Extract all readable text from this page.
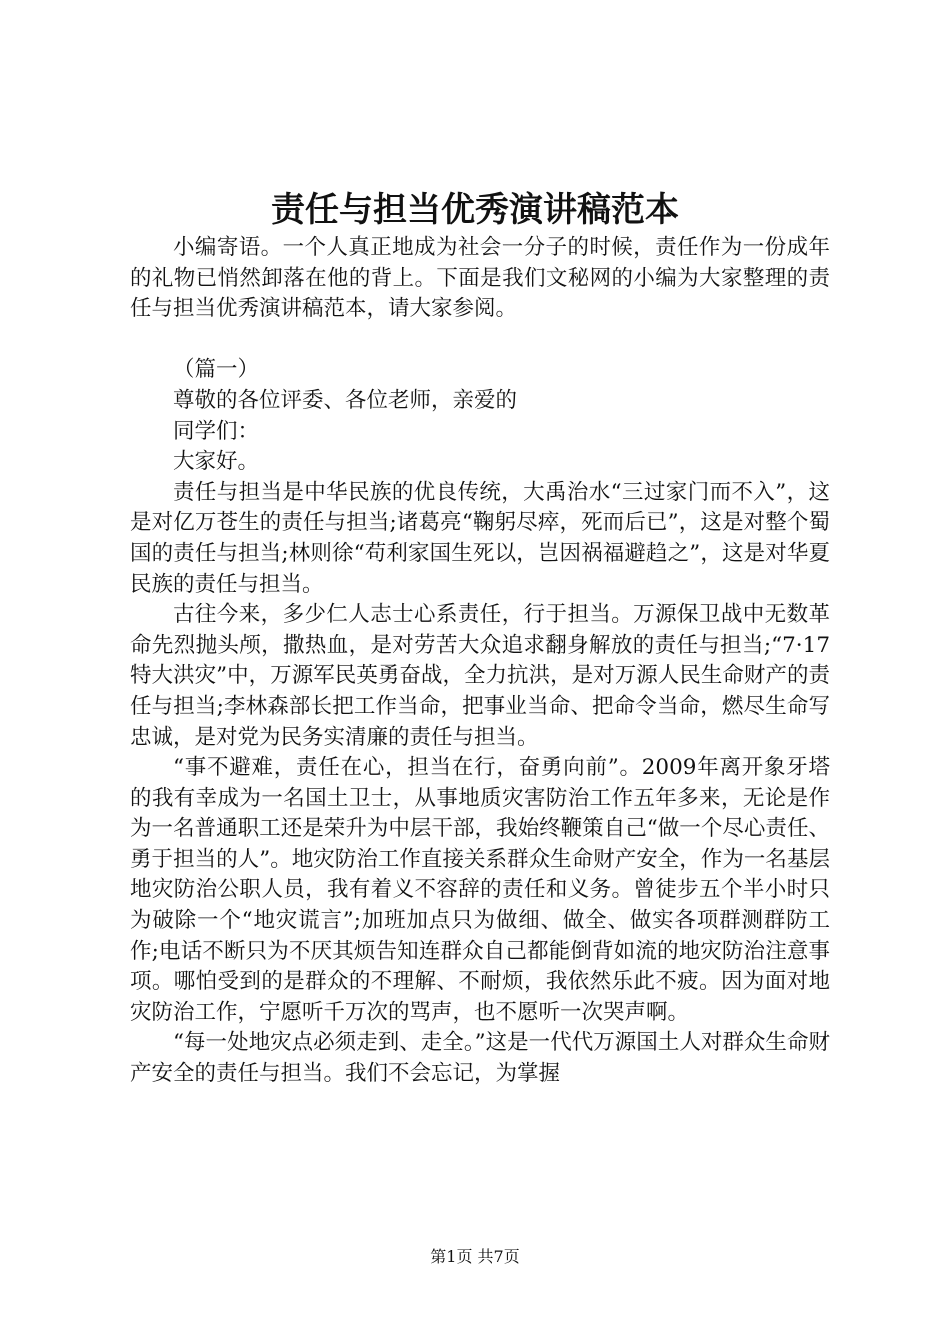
责任与担当优秀演讲稿范本

小编寄语。一个人真正地成为社会一分子的时候，责任作为一份成年的礼物已悄然卸落在他的背上。下面是我们文秘网的小编为大家整理的责任与担当优秀演讲稿范本，请大家参阅。

（篇一）

尊敬的各位评委、各位老师，亲爱的

同学们：

大家好。

责任与担当是中华民族的优良传统，大禹治水“三过家门而不入”，这是对亿万苍生的责任与担当;诸葛亮“鞠躬尽瘁，死而后已”，这是对整个蜀国的责任与担当;林则徐“苟利家国生死以，岂因祸福避趋之”，这是对华夏民族的责任与担当。

古往今来，多少仁人志士心系责任，行于担当。万源保卫战中无数革命先烈抛头颅，撒热血，是对劳苦大众追求翻身解放的责任与担当;“7·17特大洪灾”中，万源军民英勇奋战，全力抗洪，是对万源人民生命财产的责任与担当;李林森部长把工作当命，把事业当命、把命令当命，燃尽生命写忠诚，是对党为民务实清廉的责任与担当。

“事不避难，责任在心，担当在行，奋勇向前”。2009年离开象牙塔的我有幸成为一名国土卫士，从事地质灾害防治工作五年多来，无论是作为一名普通职工还是荣升为中层干部，我始终鞭策自己“做一个尽心责任、勇于担当的人”。地灾防治工作直接关系群众生命财产安全，作为一名基层地灾防治公职人员，我有着义不容辞的责任和义务。曾徒步五个半小时只为破除一个“地灾谎言”;加班加点只为做细、做全、做实各项群测群防工作;电话不断只为不厌其烦告知连群众自己都能倒背如流的地灾防治注意事项。哪怕受到的是群众的不理解、不耐烦，我依然乐此不疲。因为面对地灾防治工作，宁愿听千万次的骂声，也不愿听一次哭声啊。

“每一处地灾点必须走到、走全。”这是一代代万源国土人对群众生命财产安全的责任与担当。我们不会忘记，为掌握

第1页 共7页
